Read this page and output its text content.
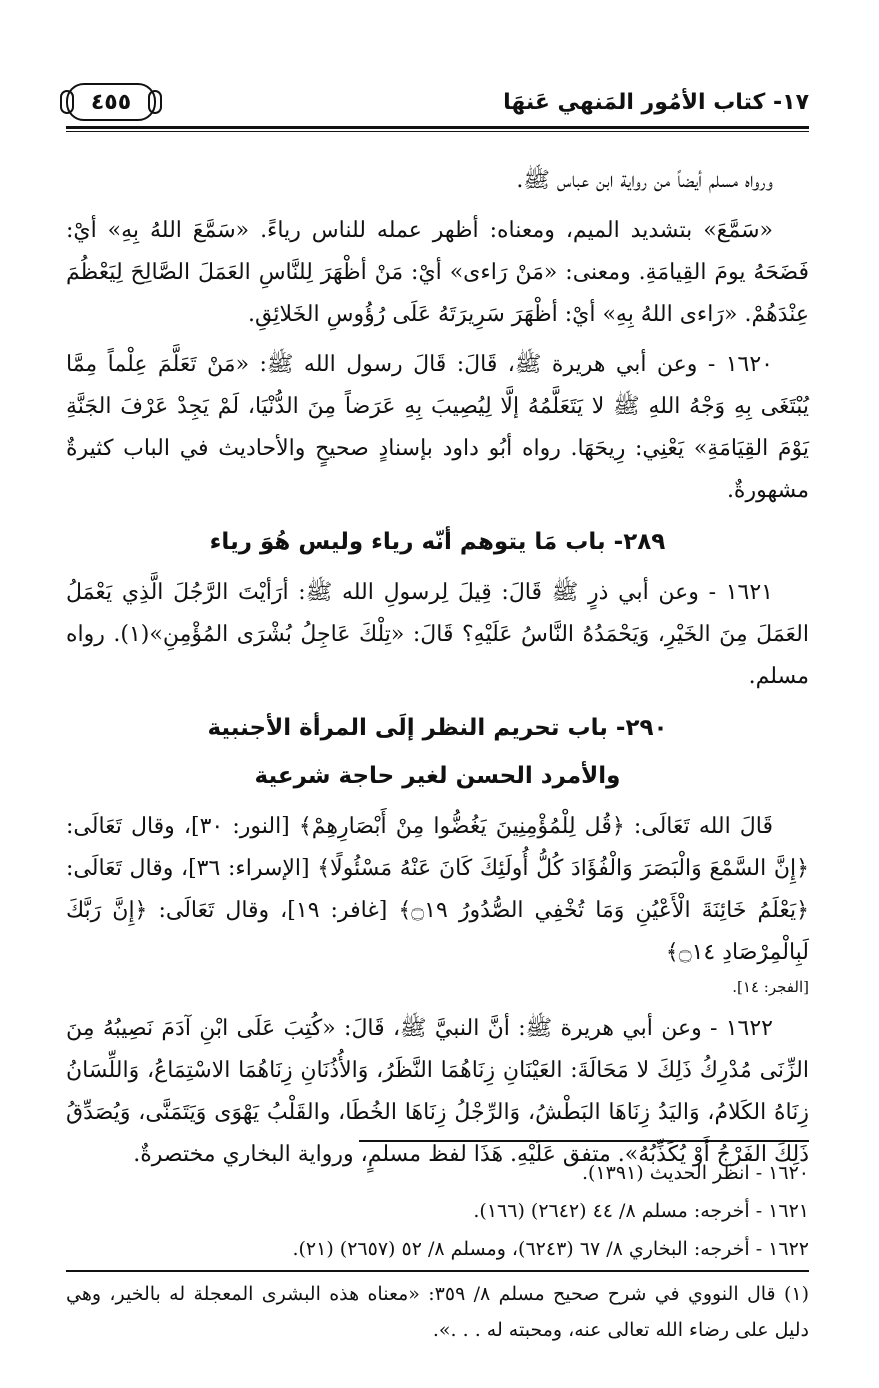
١٧- كتاب الأمُور المَنهي عَنهَا
٤٥٥

ورواه مسلم أيضاً من رواية ابن عباس ﷺ.

«سَمَّعَ» بتشديد الميم، ومعناه: أظهر عمله للناس رياءً. «سَمَّعَ اللهُ بِهِ» أيْ: فَضَحَهُ يومَ القِيامَةِ. ومعنى: «مَنْ رَاءى» أيْ: مَنْ أظْهَرَ لِلنَّاسِ العَمَلَ الصَّالِحَ لِيَعْظُمَ عِنْدَهُمْ. «رَاءى اللهُ بِهِ» أيْ: أظْهَرَ سَرِيرَتَهُ عَلَى رُؤُوسِ الخَلائِقِ.

١٦٢٠ - وعن أبي هريرة ﷺ، قَالَ: قَالَ رسول الله ﷺ: «مَنْ تَعَلَّمَ عِلْماً مِمَّا يُبْتَغَى بِهِ وَجْهُ اللهِ ﷺ لا يَتَعَلَّمُهُ إلَّا لِيُصِيبَ بِهِ عَرَضاً مِنَ الدُّنْيَا، لَمْ يَجِدْ عَرْفَ الجَنَّةِ يَوْمَ القِيَامَةِ» يَعْنِي: رِيحَهَا. رواه أبُو داود بإسنادٍ صحيحٍ والأحاديث في الباب كثيرةٌ مشهورةٌ.

٢٨٩- باب مَا يتوهم أنّه رياء وليس هُوَ رياء

١٦٢١ - وعن أبي ذرٍ ﷺ قَالَ: قِيلَ لِرسولِ الله ﷺ: أرَأيْتَ الرَّجُلَ الَّذِي يَعْمَلُ العَمَلَ مِنَ الخَيْرِ، وَيَحْمَدُهُ النَّاسُ عَلَيْهِ؟ قَالَ: «تِلْكَ عَاجِلُ بُشْرَى المُؤْمِنِ»(١). رواه مسلم.

٢٩٠- باب تحريم النظر إلَى المرأة الأجنبية
والأمرد الحسن لغير حاجة شرعية

قَالَ الله تَعَالَى: ﴿قُل لِلْمُؤْمِنِينَ يَغُضُّوا مِنْ أَبْصَارِهِمْ﴾ [النور: ٣٠]، وقال تَعَالَى: ﴿إِنَّ السَّمْعَ وَالْبَصَرَ وَالْفُؤَادَ كُلُّ أُولَئِكَ كَانَ عَنْهُ مَسْئُولًا﴾ [الإسراء: ٣٦]، وقال تَعَالَى: ﴿يَعْلَمُ خَائِنَةَ الْأَعْيُنِ وَمَا تُخْفِي الصُّدُورُ ۝١٩﴾ [غافر: ١٩]، وقال تَعَالَى: ﴿إِنَّ رَبَّكَ لَبِالْمِرْصَادِ ۝١٤﴾

[الفجر: ١٤].

١٦٢٢ - وعن أبي هريرة ﷺ: أنَّ النبيَّ ﷺ، قَالَ: «كُتِبَ عَلَى ابْنِ آدَمَ نَصِيبُهُ مِنَ الزِّنَى مُدْرِكُ ذَلِكَ لا مَحَالَةَ: العَيْنَانِ زِنَاهُمَا النَّظَرُ، وَالأُذُنَانِ زِنَاهُمَا الاسْتِمَاعُ، وَاللِّسَانُ زِنَاهُ الكَلامُ، وَاليَدُ زِنَاهَا البَطْشُ، وَالرِّجْلُ زِنَاهَا الخُطَا، والقَلْبُ يَهْوَى وَيَتَمَنَّى، وَيُصَدِّقُ ذَلِكَ الفَرْجُ أَوْ يُكَذِّبُهُ». متفق عَلَيْهِ. هَذَا لفظ مسلمٍ، ورواية البخاري مختصرةٌ.

١٦٢٠ - انظر الحديث (١٣٩١).

١٦٢١ - أخرجه: مسلم ٨/ ٤٤ (٢٦٤٢) (١٦٦).

١٦٢٢ - أخرجه: البخاري ٨/ ٦٧ (٦٢٤٣)، ومسلم ٨/ ٥٢ (٢٦٥٧) (٢١).

(١) قال النووي في شرح صحيح مسلم ٨/ ٣٥٩: «معناه هذه البشرى المعجلة له بالخير، وهي دليل على رضاء الله تعالى عنه، ومحبته له . . .».
